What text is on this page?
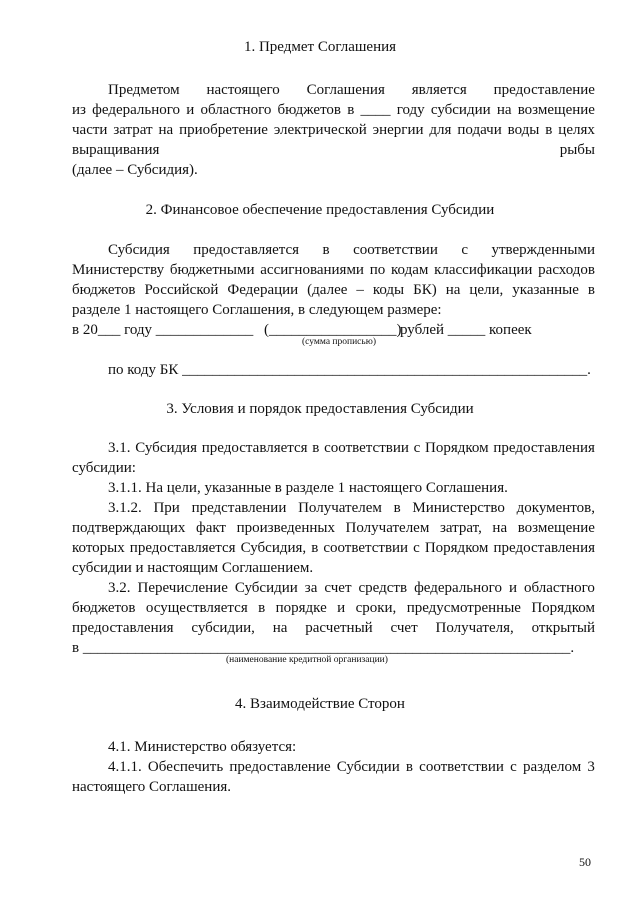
1. Предмет Соглашения
Предметом настоящего Соглашения является предоставление
из федерального и областного бюджетов в ____ году субсидии на возмещение
части затрат на приобретение электрической энергии для подачи воды в целях
выращивания	рыбы
(далее – Субсидия).
2. Финансовое обеспечение предоставления Субсидии
Субсидия предоставляется в соответствии с утвержденными
Министерству бюджетными ассигнованиями по кодам классификации расходов
бюджетов Российской Федерации (далее – коды БК) на цели, указанные в
разделе 1 настоящего Соглашения, в следующем размере:
в 20___ году _____________ (_________________)
рублей _____ копеек
(сумма прописью)
по коду БК ______________________________________________________.
3. Условия и порядок предоставления Субсидии
3.1. Субсидия предоставляется в соответствии с Порядком предоставления
субсидии:
3.1.1. На цели, указанные в разделе 1 настоящего Соглашения.
3.1.2. При представлении Получателем в Министерство документов,
подтверждающих факт произведенных Получателем затрат, на возмещение
которых предоставляется Субсидия, в соответствии с Порядком предоставления
субсидии и настоящим Соглашением.
3.2. Перечисление Субсидии за счет средств федерального и областного
бюджетов осуществляется в порядке и сроки, предусмотренные Порядком
предоставления субсидии, на расчетный счет Получателя, открытый
в _________________________________________________________________.
(наименование кредитной организации)
4. Взаимодействие Сторон
4.1. Министерство обязуется:
4.1.1. Обеспечить предоставление Субсидии в соответствии с разделом 3
настоящего Соглашения.
50
